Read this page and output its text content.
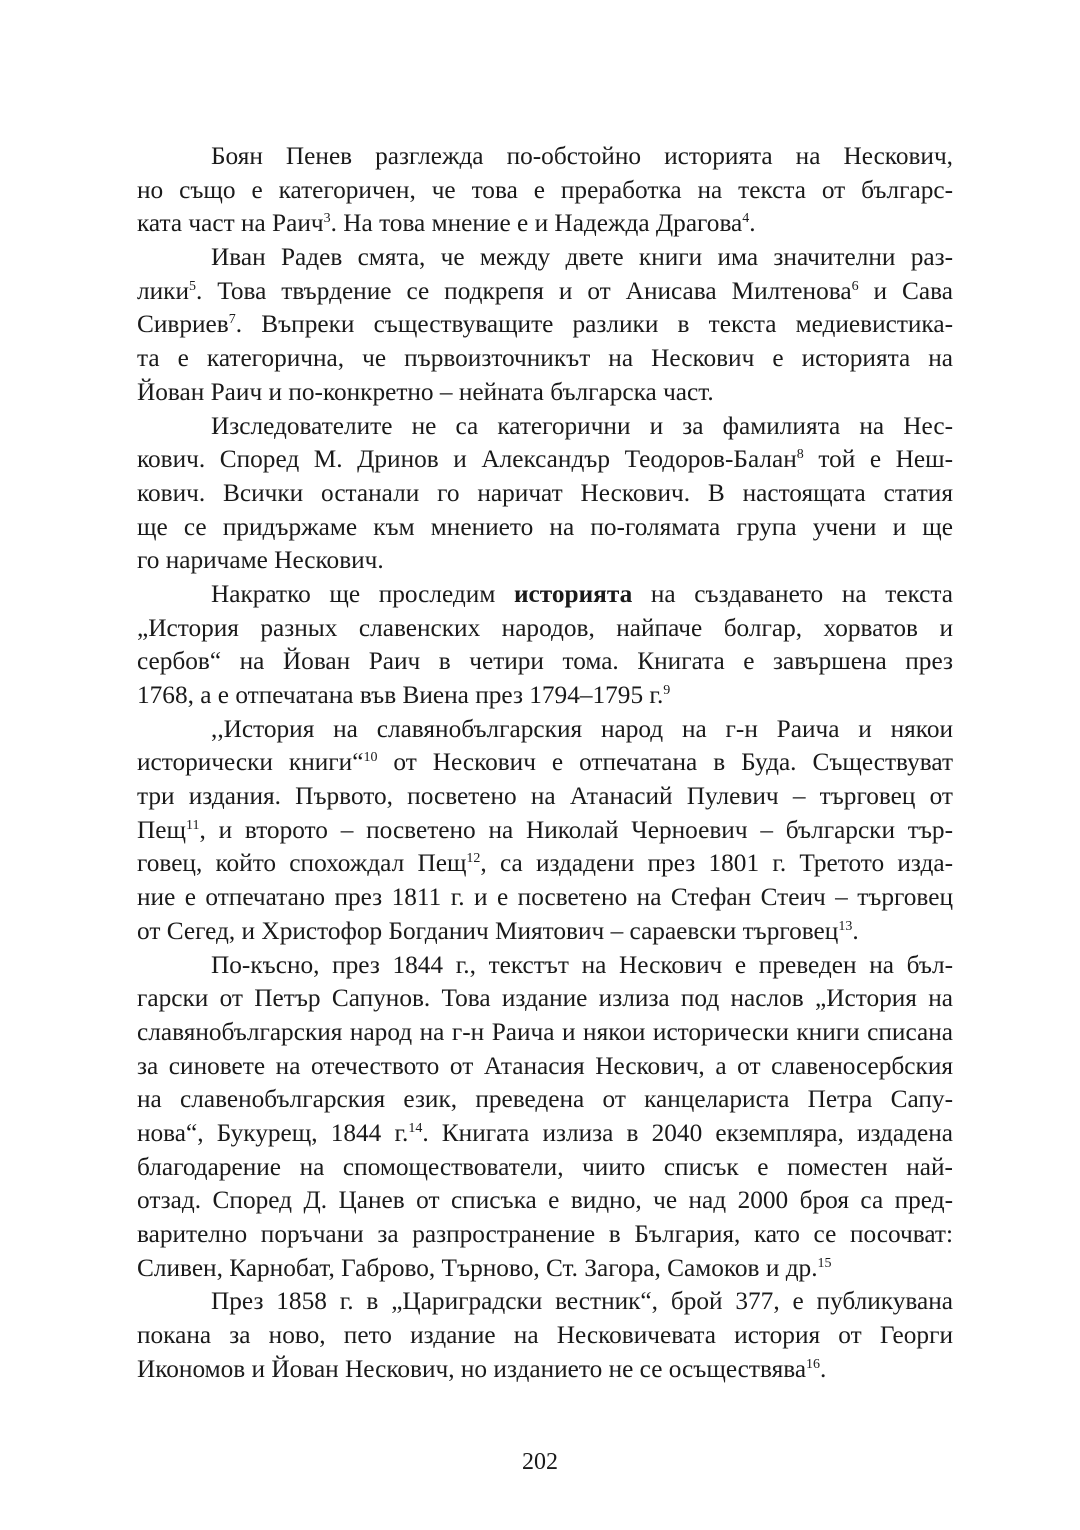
Боян Пенев разглежда по-обстойно историята на Нескович,
но също е категоричен, че това е преработка на текста от българс-
ката част на Раич$^3$. На това мнение е и Надежда Драгова$^4$.
Иван Радев смята, че между двете книги има значителни раз-
лики$^5$. Това твърдение се подкрепя и от Анисава Милтенова$^6$ и Сава
Сивриев$^7$. Въпреки съществуващите разлики в текста медиевистика-
та е категорична, че първоизточникът на Нескович е историята на
Йован Раич и по-конкретно – нейната българска част.
Изследователите не са категорични и за фамилията на Нес-
кович. Според М. Дринов и Александър Теодоров-Балан$^8$ той е Неш-
кович. Всички останали го наричат Нескович. В настоящата статия
ще се придържаме към мнението на по-голямата група учени и ще
го наричаме Нескович.
Накратко ще проследим историята на създаването на текста
„История разных славенских народов, найпаче болгар, хорватов и
сербов“ на Йован Раич в четири тома. Книгата е завършена през
1768, а е отпечатана във Виена през 1794–1795 г.$^9$
,,История на славянобългарския народ на г-н Раича и някои
исторически книги“$^{10}$ от Нескович е отпечатана в Буда. Съществуват
три издания. Първото, посветено на Атанасий Пулевич – търговец от
Пещ$^{11}$, и второто – посветено на Николай Черноевич – български тър-
говец, който спохождал Пещ$^{12}$, са издадени през 1801 г. Третото изда-
ние е отпечатано през 1811 г. и е посветено на Стефан Стеич – търговец
от Сегед, и Христофор Богданич Миятович – сараевски търговец$^{13}$.
По-късно, през 1844 г., текстът на Нескович е преведен на бъл-
гарски от Петър Сапунов. Това издание излиза под наслов „История на
славянобългарския народ на г-н Раича и някои исторически книги списана
за синовете на отечеството от Атанасия Нескович, а от славеносербския
на славенобългарския език, преведена от канцелариста Петра Сапу-
нова“, Букурещ, 1844 г.$^{14}$. Книгата излиза в 2040 екземпляра, издадена
благодарение на спомоществователи, чиито списък е поместен най-
отзад. Според Д. Цанев от списъка е видно, че над 2000 броя са пред-
варително поръчани за разпространение в България, като се посочват:
Сливен, Карнобат, Габрово, Търново, Ст. Загора, Самоков и др.$^{15}$
През 1858 г. в „Цариградски вестник“, брой 377, е публикувана
покана за ново, пето издание на Несковичевата история от Георги
Икономов и Йован Нескович, но изданието не се осъществява$^{16}$.
202
